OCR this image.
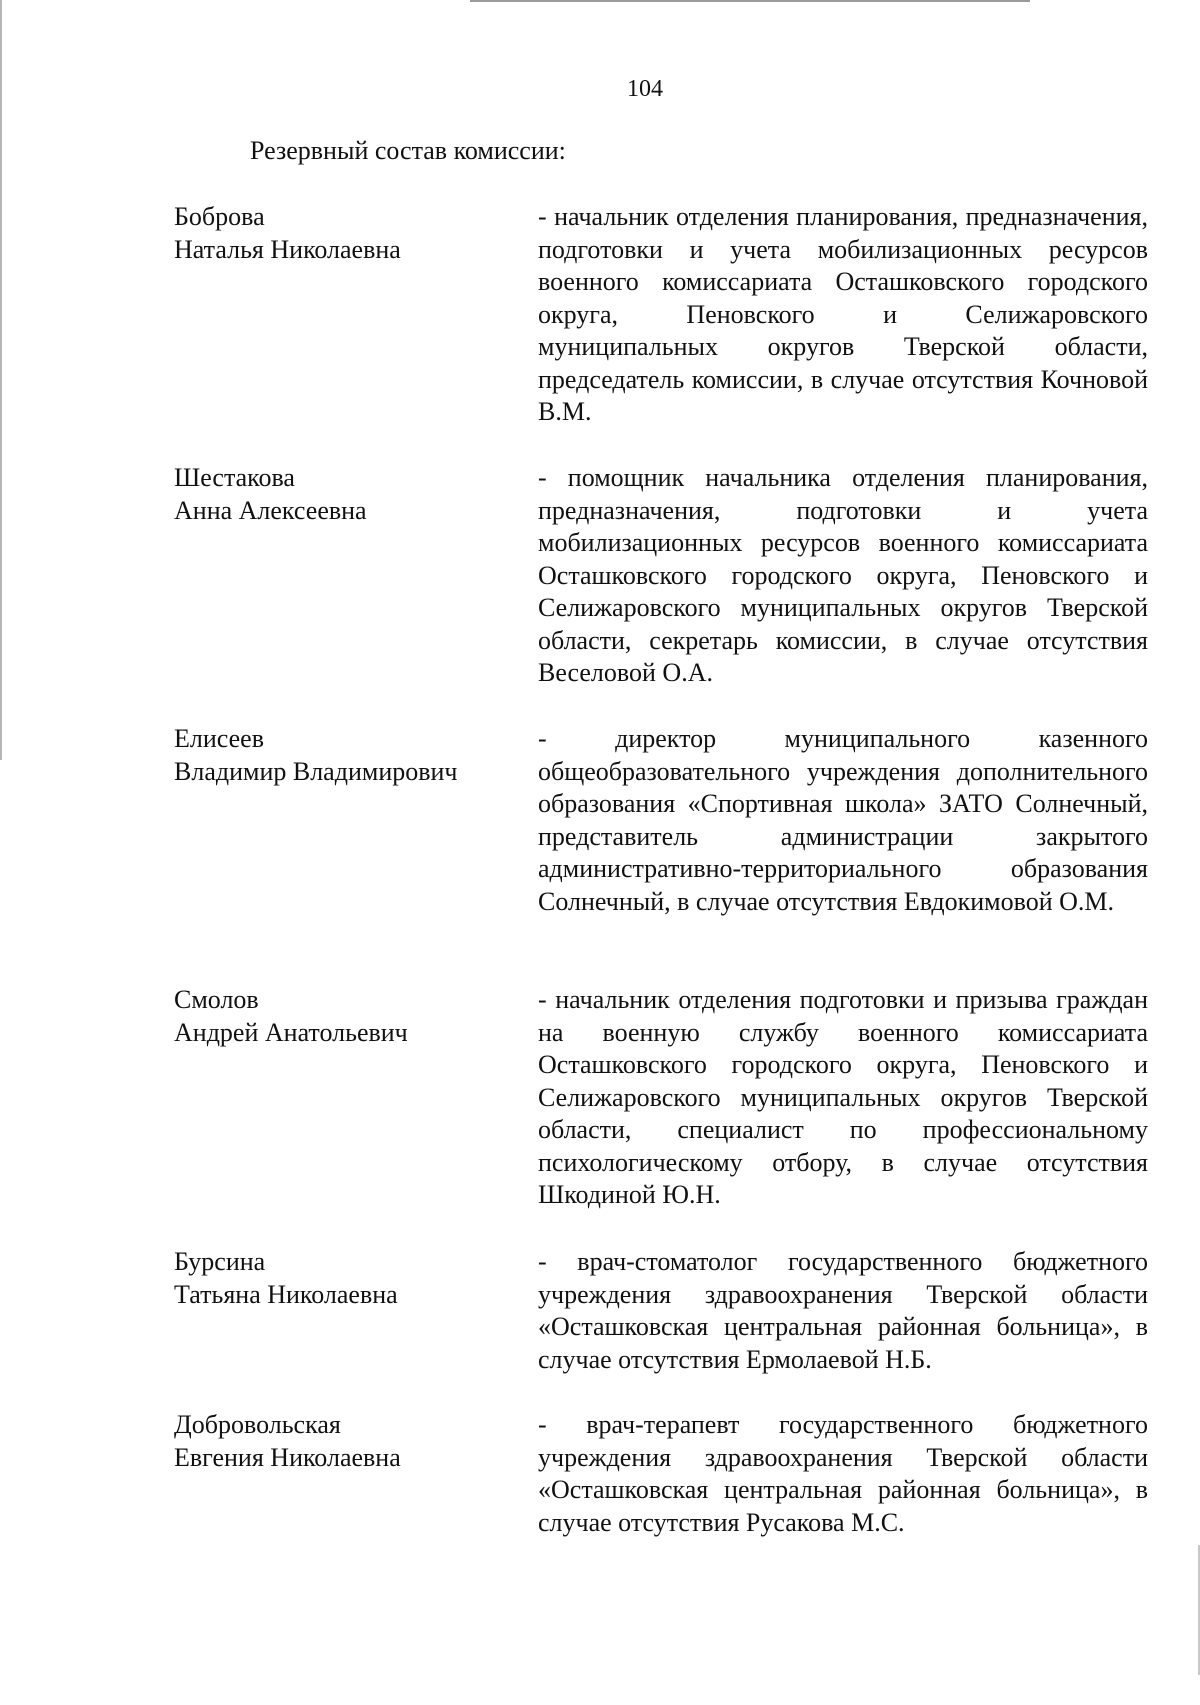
104
Резервный состав комиссии:
Боброва
Наталья Николаевна
- начальник отделения планирования, предназначения, подготовки и учета мобилизационных ресурсов военного комиссариата Осташковского городского округа, Пеновского и Селижаровского муниципальных округов Тверской области, председатель комиссии, в случае отсутствия Кочновой В.М.
Шестакова
Анна Алексеевна
- помощник начальника отделения планирования, предназначения, подготовки и учета мобилизационных ресурсов военного комиссариата Осташковского городского округа, Пеновского и Селижаровского муниципальных округов Тверской области, секретарь комиссии, в случае отсутствия Веселовой О.А.
Елисеев
Владимир Владимирович
- директор муниципального казенного общеобразовательного учреждения дополнительного образования «Спортивная школа» ЗАТО Солнечный, представитель администрации закрытого административно-территориального образования Солнечный, в случае отсутствия Евдокимовой О.М.
Смолов
Андрей Анатольевич
- начальник отделения подготовки и призыва граждан на военную службу военного комиссариата Осташковского городского округа, Пеновского и Селижаровского муниципальных округов Тверской области, специалист по профессиональному психологическому отбору, в случае отсутствия Шкодиной Ю.Н.
Бурсина
Татьяна Николаевна
- врач-стоматолог государственного бюджетного учреждения здравоохранения Тверской области «Осташковская центральная районная больница», в случае отсутствия Ермолаевой Н.Б.
Добровольская
Евгения Николаевна
- врач-терапевт государственного бюджетного учреждения здравоохранения Тверской области «Осташковская центральная районная больница», в случае отсутствия Русакова М.С.
